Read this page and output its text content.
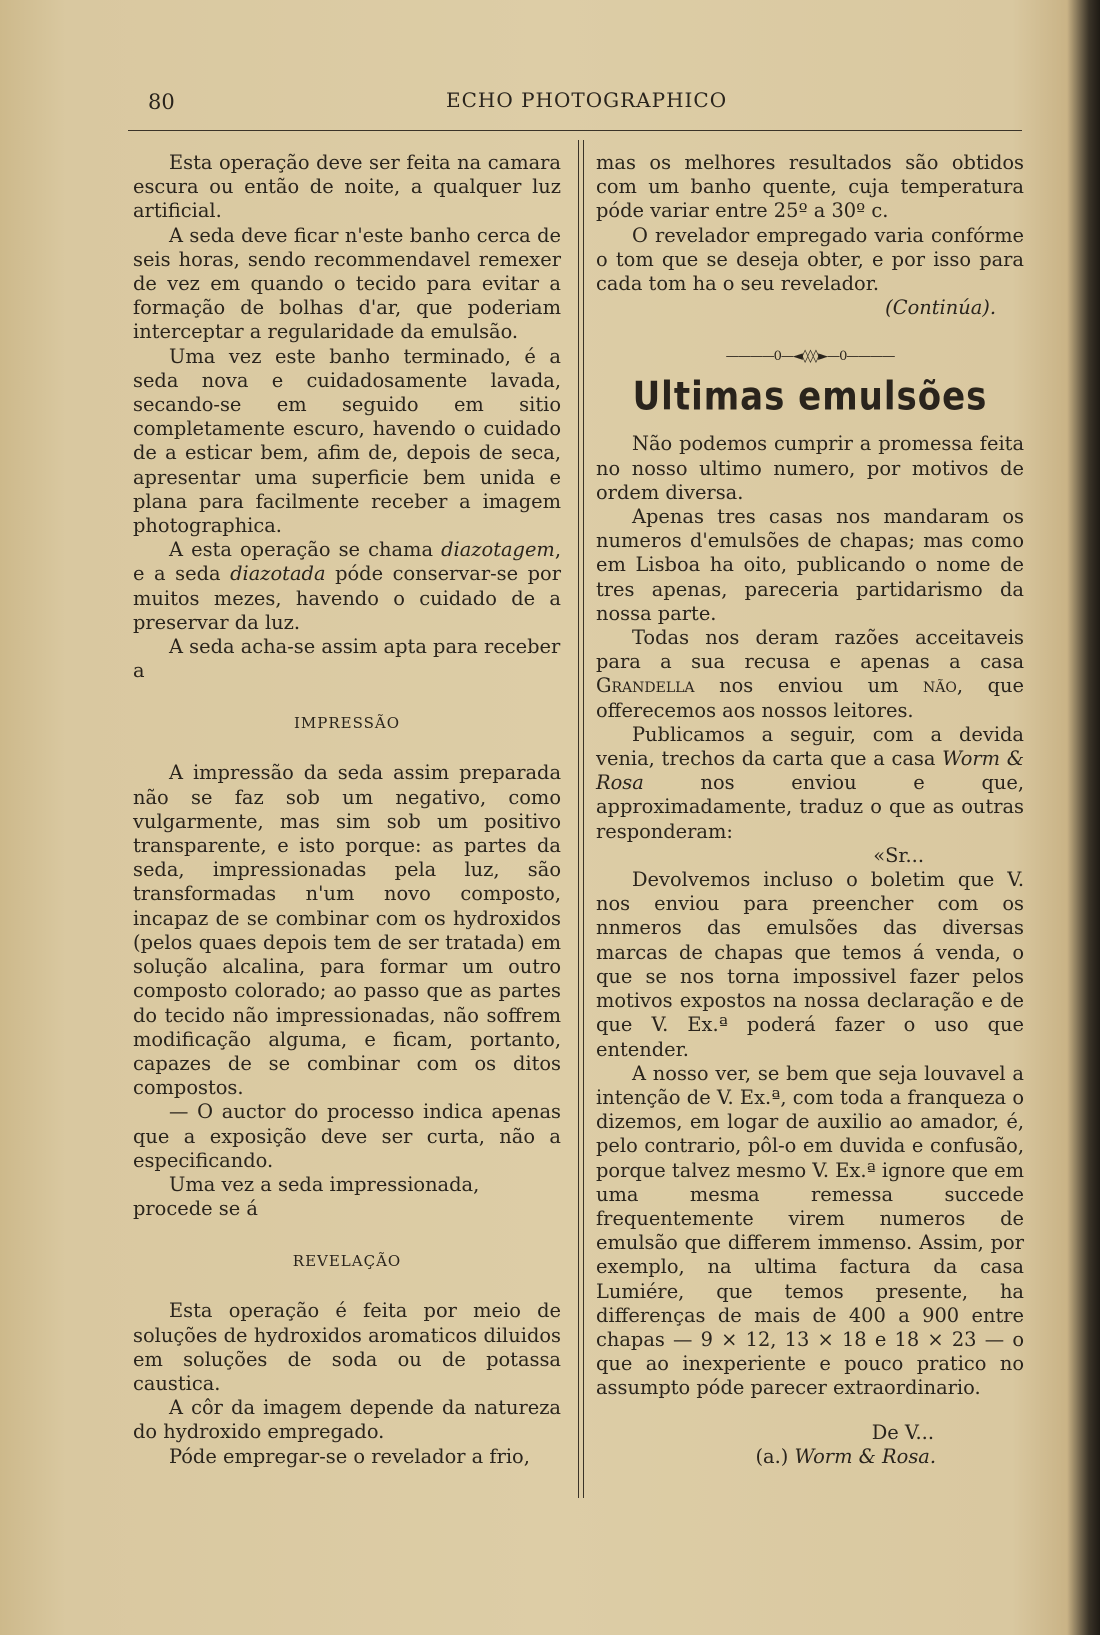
80	ECHO PHOTOGRAPHICO

Esta operação deve ser feita na camara escura ou então de noite, a qualquer luz artificial.

A seda deve ficar n'este banho cerca de seis horas, sendo recommendavel remexer de vez em quando o tecido para evitar a formação de bolhas d'ar, que poderiam interceptar a regularidade da emulsão.

Uma vez este banho terminado, é a seda nova e cuidadosamente lavada, secando-se em seguido em sitio completamente escuro, havendo o cuidado de a esticar bem, afim de, depois de seca, apresentar uma superficie bem unida e plana para facilmente receber a imagem photographica.

A esta operação se chama diazotagem, e a seda diazotada póde conservar-se por muitos mezes, havendo o cuidado de a preservar da luz.

A seda acha-se assim apta para receber a

IMPRESSÃO

A impressão da seda assim preparada não se faz sob um negativo, como vulgarmente, mas sim sob um positivo transparente, e isto porque: as partes da seda, impressionadas pela luz, são transformadas n'um novo composto, incapaz de se combinar com os hydroxidos (pelos quaes depois tem de ser tratada) em solução alcalina, para formar um outro composto colorado; ao passo que as partes do tecido não impressionadas, não soffrem modificação alguma, e ficam, portanto, capazes de se combinar com os ditos compostos.

— O auctor do processo indica apenas que a exposição deve ser curta, não a especificando.

Uma vez a seda impressionada, procede se á

REVELAÇÃO

Esta operação é feita por meio de soluções de hydroxidos aromaticos diluidos em soluções de soda ou de potassa caustica.

A côr da imagem depende da natureza do hydroxido empregado.

Póde empregar-se o revelador a frio,

mas os melhores resultados são obtidos com um banho quente, cuja temperatura póde variar entre 25º a 30º c.

O revelador empregado varia confórme o tom que se deseja obter, e por isso para cada tom ha o seu revelador.

(Continúa).

————0—◄◊◊◊►—0————
Ultimas emulsões

Não podemos cumprir a promessa feita no nosso ultimo numero, por motivos de ordem diversa.

Apenas tres casas nos mandaram os numeros d'emulsões de chapas; mas como em Lisboa ha oito, publicando o nome de tres apenas, pareceria partidarismo da nossa parte.

Todas nos deram razões acceitaveis para a sua recusa e apenas a casa Grandella nos enviou um não, que offerecemos aos nossos leitores.

Publicamos a seguir, com a devida venia, trechos da carta que a casa Worm & Rosa nos enviou e que, approximadamente, traduz o que as outras responderam:

«Sr...

Devolvemos incluso o boletim que V. nos enviou para preencher com os nnmeros das emulsões das diversas marcas de chapas que temos á venda, o que se nos torna impossivel fazer pelos motivos expostos na nossa declaração e de que V. Ex.ª poderá fazer o uso que entender.

A nosso ver, se bem que seja louvavel a intenção de V. Ex.ª, com toda a franqueza o dizemos, em logar de auxilio ao amador, é, pelo contrario, pôl-o em duvida e confusão, porque talvez mesmo V. Ex.ª ignore que em uma mesma remessa succede frequentemente virem numeros de emulsão que differem immenso. Assim, por exemplo, na ultima factura da casa Lumiére, que temos presente, ha differenças de mais de 400 a 900 entre chapas — 9 × 12, 13 × 18 e 18 × 23 — o que ao inexperiente e pouco pratico no assumpto póde parecer extraordinario.

De V...

(a.) Worm & Rosa.
